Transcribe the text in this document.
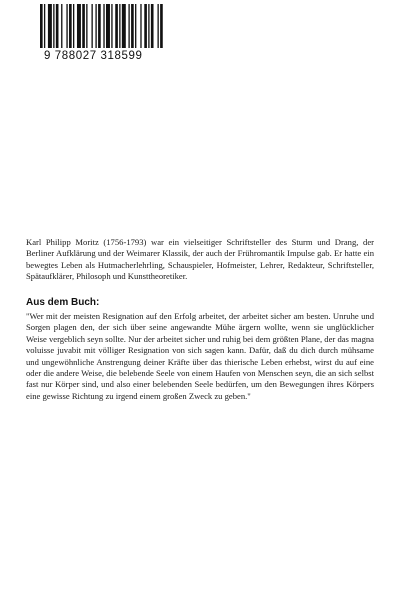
9 788027 318599

Karl Philipp Moritz (1756-1793) war ein vielseitiger Schriftsteller des Sturm und Drang, der Berliner Aufklärung und der Weimarer Klassik, der auch der Frühromantik Impulse gab. Er hatte ein bewegtes Leben als Hutmacherlehrling, Schauspieler, Hofmeister, Lehrer, Redakteur, Schriftsteller, Spätaufklärer, Philosoph und Kunsttheoretiker.

Aus dem Buch:

"Wer mit der meisten Resignation auf den Erfolg arbeitet, der arbeitet sicher am besten. Unruhe und Sorgen plagen den, der sich über seine angewandte Mühe ärgern wollte, wenn sie unglücklicher Weise vergeblich seyn sollte. Nur der arbeitet sicher und ruhig bei dem größten Plane, der das magna voluisse juvabit mit völliger Resignation von sich sagen kann. Dafür, daß du dich durch mühsame und ungewöhnliche Anstrengung deiner Kräfte über das thierische Leben erhebst, wirst du auf eine oder die andere Weise, die belebende Seele von einem Haufen von Menschen seyn, die an sich selbst fast nur Körper sind, und also einer belebenden Seele bedürfen, um den Bewegungen ihres Körpers eine gewisse Richtung zu irgend einem großen Zweck zu geben."
